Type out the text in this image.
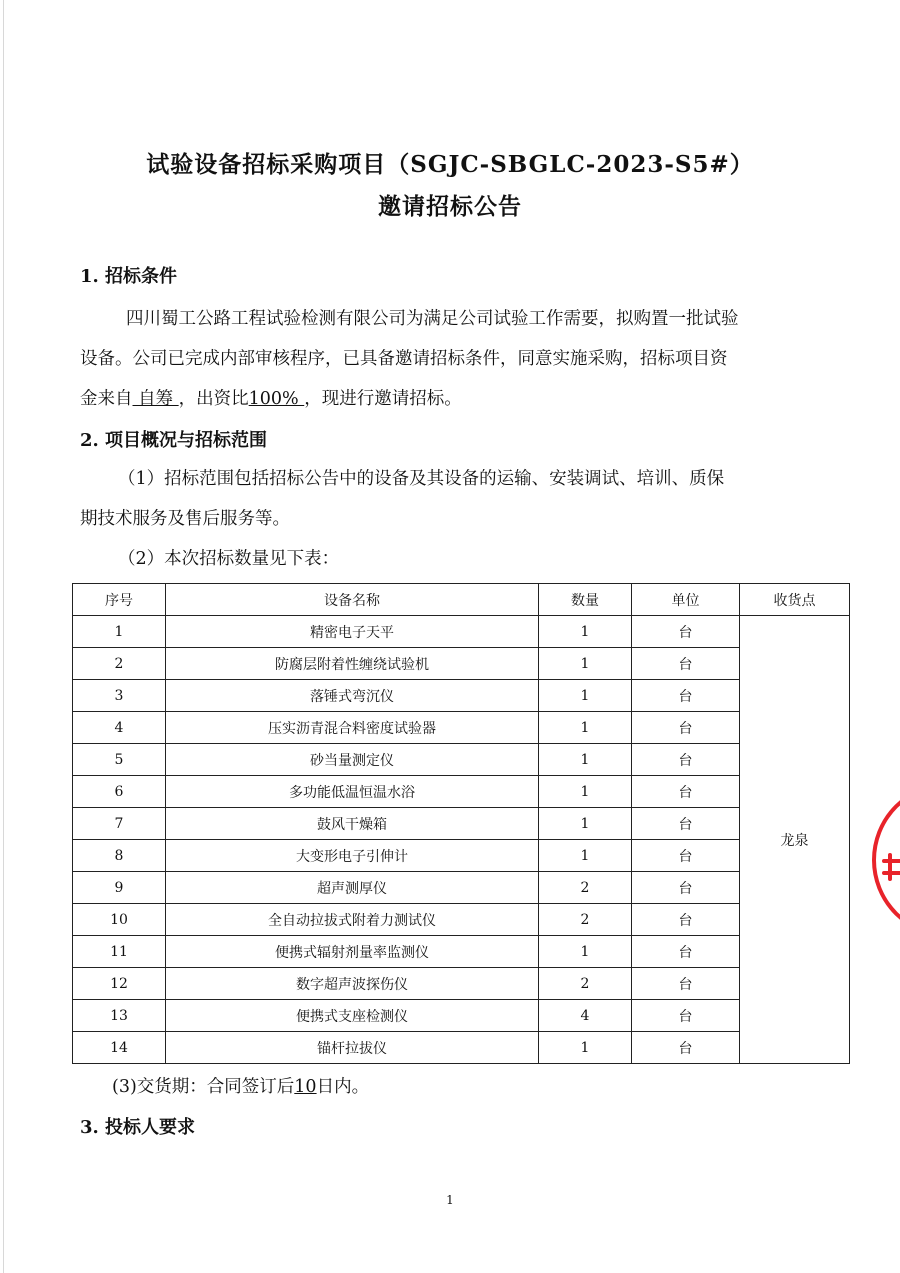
试验设备招标采购项目（SGJC-SBGLC-2023-S5#）
邀请招标公告
1. 招标条件
四川蜀工公路工程试验检测有限公司为满足公司试验工作需要，拟购置一批试验
设备。公司已完成内部审核程序，已具备邀请招标条件，同意实施采购，招标项目资
金来自 自筹 ，出资比100% ，现进行邀请招标。
2. 项目概况与招标范围
（1）招标范围包括招标公告中的设备及其设备的运输、安装调试、培训、质保
期技术服务及售后服务等。
（2）本次招标数量见下表：
序号	设备名称	数量	单位	收货点
1	精密电子天平	1	台	龙泉
2	防腐层附着性缠绕试验机	1	台	
3	落锤式弯沉仪	1	台	
4	压实沥青混合料密度试验器	1	台	
5	砂当量测定仪	1	台	
6	多功能低温恒温水浴	1	台	
7	鼓风干燥箱	1	台	
8	大变形电子引伸计	1	台	
9	超声测厚仪	2	台	
10	全自动拉拔式附着力测试仪	2	台	
11	便携式辐射剂量率监测仪	1	台	
12	数字超声波探伤仪	2	台	
13	便携式支座检测仪	4	台	
14	锚杆拉拔仪	1	台	
(3)交货期：合同签订后10日内。
3. 投标人要求
1
